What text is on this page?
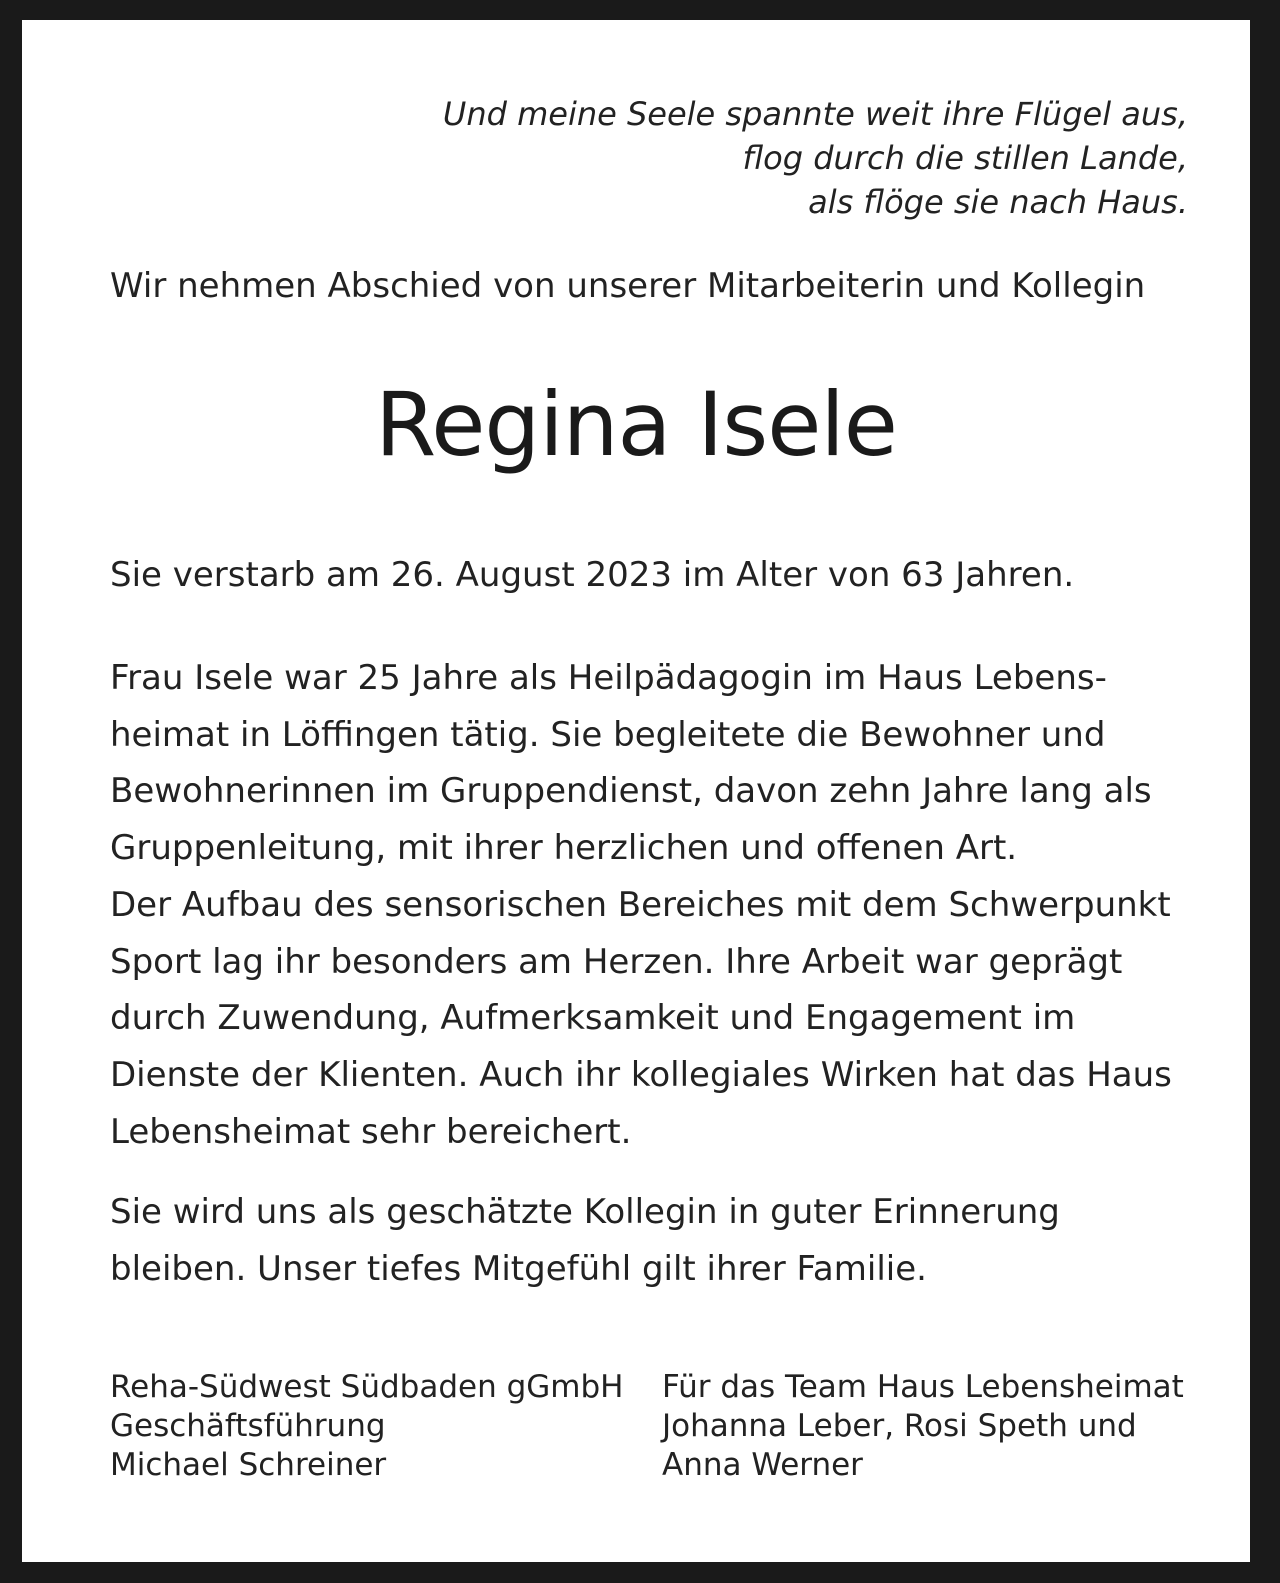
Und meine Seele spannte weit ihre Flügel aus,
flog durch die stillen Lande,
als flöge sie nach Haus.
Wir nehmen Abschied von unserer Mitarbeiterin und Kollegin
Regina Isele
Sie verstarb am 26. August 2023 im Alter von 63 Jahren.
Frau Isele war 25 Jahre als Heilpädagogin im Haus Lebens-
heimat in Löffingen tätig. Sie begleitete die Bewohner und
Bewohnerinnen im Gruppendienst, davon zehn Jahre lang als
Gruppenleitung, mit ihrer herzlichen und offenen Art.
Der Aufbau des sensorischen Bereiches mit dem Schwerpunkt
Sport lag ihr besonders am Herzen. Ihre Arbeit war geprägt
durch Zuwendung, Aufmerksamkeit und Engagement im
Dienste der Klienten. Auch ihr kollegiales Wirken hat das Haus
Lebensheimat sehr bereichert.
Sie wird uns als geschätzte Kollegin in guter Erinnerung
bleiben. Unser tiefes Mitgefühl gilt ihrer Familie.
Reha-Südwest Südbaden gGmbH
Geschäftsführung
Michael Schreiner
Für das Team Haus Lebensheimat
Johanna Leber, Rosi Speth und
Anna Werner
